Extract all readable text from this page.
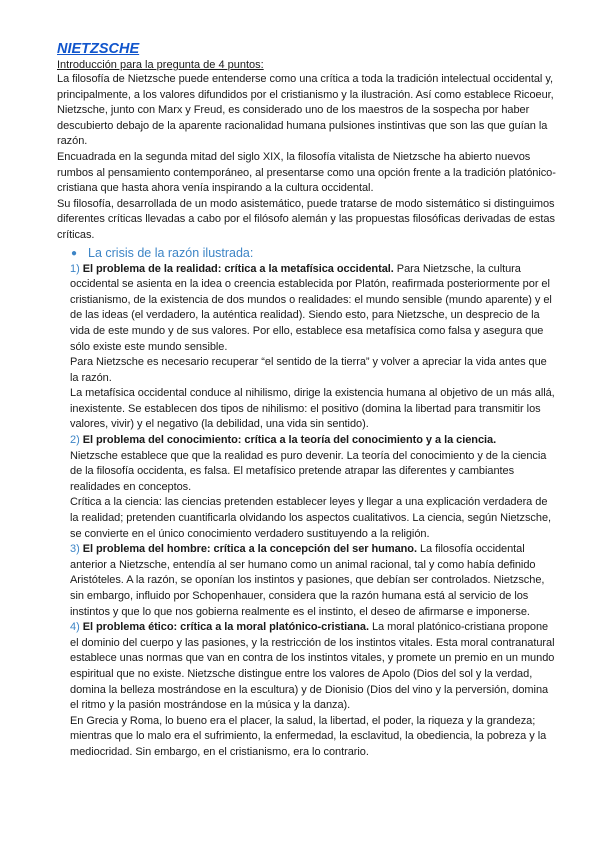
NIETZSCHE
Introducción para la pregunta de 4 puntos:

La filosofía de Nietzsche puede entenderse como una crítica a toda la tradición intelectual occidental y, principalmente, a los valores difundidos por el cristianismo y la ilustración. Así como establece Ricoeur, Nietzsche, junto con Marx y Freud, es considerado uno de los maestros de la sospecha por haber descubierto debajo de la aparente racionalidad humana pulsiones instintivas que son las que guían la razón.

Encuadrada en la segunda mitad del siglo XIX, la filosofía vitalista de Nietzsche ha abierto nuevos rumbos al pensamiento contemporáneo, al presentarse como una opción frente a la tradición platónico-cristiana que hasta ahora venía inspirando a la cultura occidental.

Su filosofía, desarrollada de un modo asistemático, puede tratarse de modo sistemático si distinguimos diferentes críticas llevadas a cabo por el filósofo alemán y las propuestas filosóficas derivadas de estas críticas.

● La crisis de la razón ilustrada:

1) El problema de la realidad: crítica a la metafísica occidental. Para Nietzsche, la cultura occidental se asienta en la idea o creencia establecida por Platón, reafirmada posteriormente por el cristianismo, de la existencia de dos mundos o realidades: el mundo sensible (mundo aparente) y el de las ideas (el verdadero, la auténtica realidad). Siendo esto, para Nietzsche, un desprecio de la vida de este mundo y de sus valores. Por ello, establece esa metafísica como falsa y asegura que sólo existe este mundo sensible.

Para Nietzsche es necesario recuperar “el sentido de la tierra” y volver a apreciar la vida antes que la razón.

La metafísica occidental conduce al nihilismo, dirige la existencia humana al objetivo de un más allá, inexistente. Se establecen dos tipos de nihilismo: el positivo (domina la libertad para transmitir los valores, vivir) y el negativo (la debilidad, una vida sin sentido).

2) El problema del conocimiento: crítica a la teoría del conocimiento y a la ciencia.

Nietzsche establece que que la realidad es puro devenir. La teoría del conocimiento y de la ciencia de la filosofía occidenta, es falsa. El metafísico pretende atrapar las diferentes y cambiantes realidades en conceptos.

Crítica a la ciencia: las ciencias pretenden establecer leyes y llegar a una explicación verdadera de la realidad; pretenden cuantificarla olvidando los aspectos cualitativos. La ciencia, según Nietzsche, se convierte en el único conocimiento verdadero sustituyendo a la religión.

3) El problema del hombre: crítica a la concepción del ser humano. La filosofía occidental anterior a Nietzsche, entendía al ser humano como un animal racional, tal y como había definido Aristóteles. A la razón, se oponían los instintos y pasiones, que debían ser controlados. Nietzsche, sin embargo, influido por Schopenhauer, considera que la razón humana está al servicio de los instintos y que lo que nos gobierna realmente es el instinto, el deseo de afirmarse e imponerse.

4) El problema ético: crítica a la moral platónico-cristiana. La moral platónico-cristiana propone el dominio del cuerpo y las pasiones, y la restricción de los instintos vitales. Esta moral contranatural establece unas normas que van en contra de los instintos vitales, y promete un premio en un mundo espiritual que no existe. Nietzsche distingue entre los valores de Apolo (Dios del sol y la verdad, domina la belleza mostrándose en la escultura) y de Dionisio (Dios del vino y la perversión, domina el ritmo y la pasión mostrándose en la música y la danza).

En Grecia y Roma, lo bueno era el placer, la salud, la libertad, el poder, la riqueza y la grandeza; mientras que lo malo era el sufrimiento, la enfermedad, la esclavitud, la obediencia, la pobreza y la mediocridad. Sin embargo, en el cristianismo, era lo contrario.
